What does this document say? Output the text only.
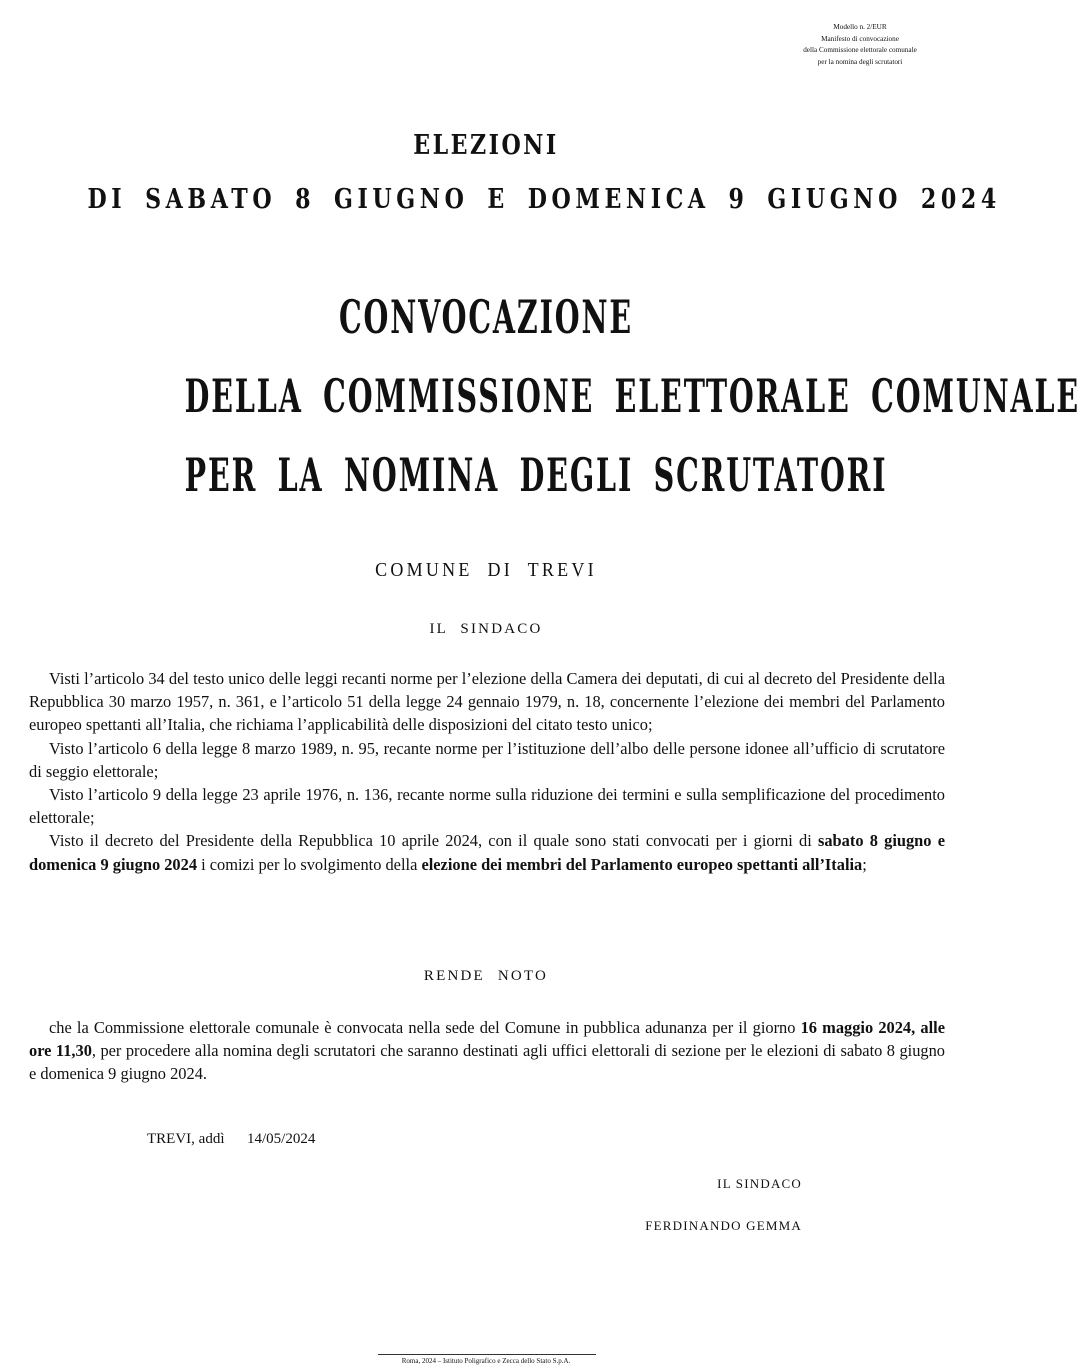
Modello n. 2/EUR
Manifesto di convocazione
della Commissione elettorale comunale
per la nomina degli scrutatori
ELEZIONI
DI SABATO 8 GIUGNO E DOMENICA 9 GIUGNO 2024
CONVOCAZIONE
DELLA COMMISSIONE ELETTORALE COMUNALE
PER LA NOMINA DEGLI SCRUTATORI
COMUNE DI TREVI
IL SINDACO

Visti l’articolo 34 del testo unico delle leggi recanti norme per l’elezione della Camera dei deputati, di cui al decreto del Presidente della Repubblica 30 marzo 1957, n. 361, e l’articolo 51 della legge 24 gennaio 1979, n. 18, concernente l’elezione dei membri del Parlamento europeo spettanti all’Italia, che richiama l’applicabilità delle disposizioni del citato testo unico;

Visto l’articolo 6 della legge 8 marzo 1989, n. 95, recante norme per l’istituzione dell’albo delle persone idonee all’ufficio di scrutatore di seggio elettorale;

Visto l’articolo 9 della legge 23 aprile 1976, n. 136, recante norme sulla riduzione dei termini e sulla semplificazione del procedimento elettorale;

Visto il decreto del Presidente della Repubblica 10 aprile 2024, con il quale sono stati convocati per i giorni di sabato 8 giugno e domenica 9 giugno 2024 i comizi per lo svolgimento della elezione dei membri del Parlamento europeo spettanti all’Italia;

RENDE NOTO

che la Commissione elettorale comunale è convocata nella sede del Comune in pubblica adunanza per il giorno 16 maggio 2024, alle ore 11,30, per procedere alla nomina degli scrutatori che saranno destinati agli uffici elettorali di sezione per le elezioni di sabato 8 giugno e domenica 9 giugno 2024.

TREVI, addì 14/05/2024
IL SINDACO
FERDINANDO GEMMA
Roma, 2024 – Istituto Poligrafico e Zecca dello Stato S.p.A.
